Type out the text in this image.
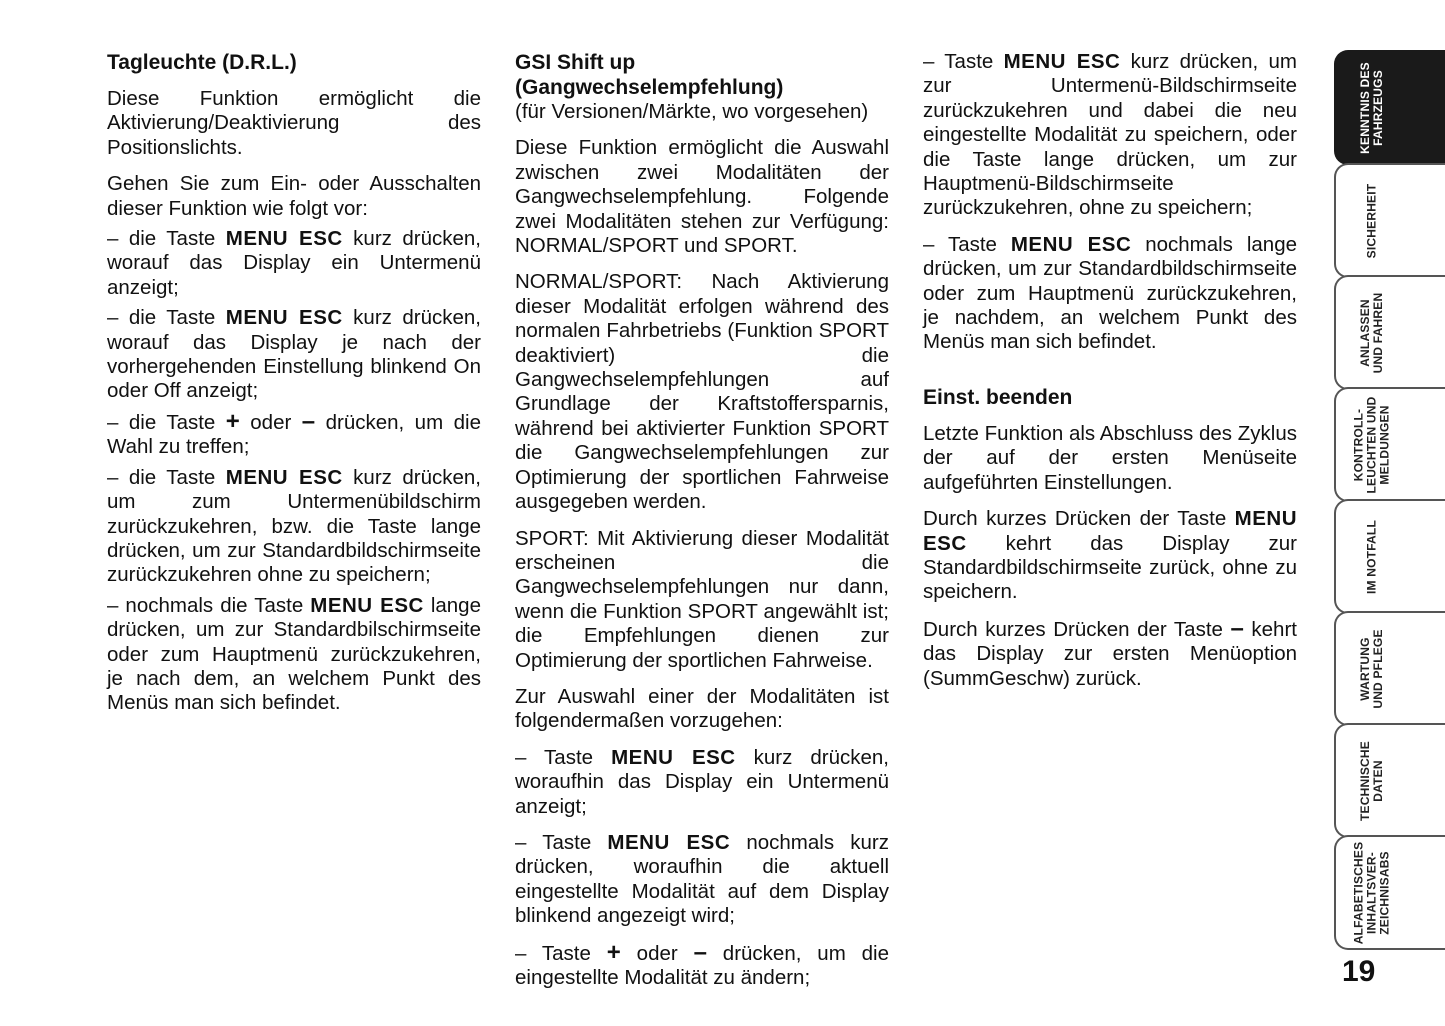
Tagleuchte (D.R.L.)

Diese Funktion ermöglicht die Aktivierung/Deaktivierung des Positionslichts.

Gehen Sie zum Ein- oder Ausschalten dieser Funktion wie folgt vor:

– die Taste MENU ESC kurz drücken, worauf das Display ein Untermenü anzeigt;

– die Taste MENU ESC kurz drücken, worauf das Display je nach der vorhergehenden Einstellung blinkend On oder Off anzeigt;

– die Taste + oder – drücken, um die Wahl zu treffen;

– die Taste MENU ESC kurz drücken, um zum Untermenübildschirm zurückzukehren, bzw. die Taste lange drücken, um zur Standardbildschirmseite zurückzukehren ohne zu speichern;

– nochmals die Taste MENU ESC lange drücken, um zur Standardbilschirmseite oder zum Hauptmenü zurückzukehren, je nach dem, an welchem Punkt des Menüs man sich befindet.

GSI Shift up
(Gangwechselempfehlung)

(für Versionen/Märkte, wo vorgesehen)

Diese Funktion ermöglicht die Auswahl zwischen zwei Modalitäten der Gangwechselempfehlung. Folgende zwei Modalitäten stehen zur Verfügung: NORMAL/SPORT und SPORT.

NORMAL/SPORT: Nach Aktivierung dieser Modalität erfolgen während des normalen Fahrbetriebs (Funktion SPORT deaktiviert) die Gangwechselempfehlungen auf Grundlage der Kraftstoffersparnis, während bei aktivierter Funktion SPORT die Gangwechselempfehlungen zur Optimierung der sportlichen Fahrweise ausgegeben werden.

SPORT: Mit Aktivierung dieser Modalität erscheinen die Gangwechselempfehlungen nur dann, wenn die Funktion SPORT angewählt ist; die Empfehlungen dienen zur Optimierung der sportlichen Fahrweise.

Zur Auswahl einer der Modalitäten ist folgendermaßen vorzugehen:

– Taste MENU ESC kurz drücken, woraufhin das Display ein Untermenü anzeigt;

– Taste MENU ESC nochmals kurz drücken, woraufhin die aktuell eingestellte Modalität auf dem Display blinkend angezeigt wird;

– Taste + oder – drücken, um die eingestellte Modalität zu ändern;

– Taste MENU ESC kurz drücken, um zur Untermenü-Bildschirmseite zurückzukehren und dabei die neu eingestellte Modalität zu speichern, oder die Taste lange drücken, um zur Hauptmenü-Bildschirmseite zurückzukehren, ohne zu speichern;

– Taste MENU ESC nochmals lange drücken, um zur Standardbildschirmseite oder zum Hauptmenü zurückzukehren, je nachdem, an welchem Punkt des Menüs man sich befindet.

Einst. beenden

Letzte Funktion als Abschluss des Zyklus der auf der ersten Menüseite aufgeführten Einstellungen.

Durch kurzes Drücken der Taste MENU ESC kehrt das Display zur Standardbildschirmseite zurück, ohne zu speichern.

Durch kurzes Drücken der Taste – kehrt das Display zur ersten Menüoption (SummGeschw) zurück.

KENNTNIS DES
FAHRZEUGS
SICHERHEIT
ANLASSEN
UND FAHREN
KONTROLL-
LEUCHTEN UND
MELDUNGEN
IM NOTFALL
WARTUNG
UND PFLEGE
TECHNISCHE
DATEN
ALFABETISCHES
INHALTSVER-
ZEICHNISABS
19
